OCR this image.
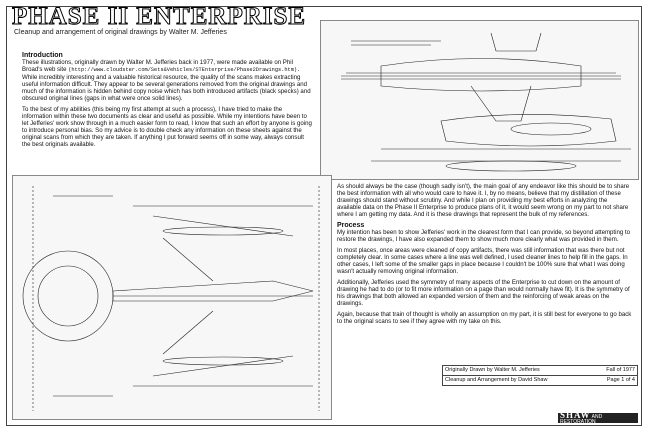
PHASE II ENTERPRISE
Cleanup and arrangement of original drawings by Walter M. Jefferies
Introduction

These illustrations, originally drawn by Walter M. Jefferies back in 1977, were made available on Phil Broad's web site (http://www.cloudster.com/Sets&Vehicles/STEnterprise/Phase2Drawings.htm). While incredibly interesting and a valuable historical resource, the quality of the scans makes extracting useful information difficult. They appear to be several generations removed from the original drawings and much of the information is hidden behind copy noise which has both introduced artifacts (black specks) and obscured original lines (gaps in what were once solid lines).

To the best of my abilities (this being my first attempt at such a process), I have tried to make the information within these two documents as clear and useful as possible. While my intentions have been to let Jefferies' work show through in a much easier form to read, I know that such an effort by anyone is going to introduce personal bias. So my advice is to double check any information on these sheets against the original scans from which they are taken. If anything I put forward seems off in some way, always consult the best originals available.

As should always be the case (though sadly isn't), the main goal of any endeavor like this should be to share the best information with all who would care to have it. I, by no means, believe that my distillation of these drawings should stand without scrutiny. And while I plan on providing my best efforts in analyzing the available data on the Phase II Enterprise to produce plans of it, it would seem wrong on my part to not share where I am getting my data. And it is these drawings that represent the bulk of my references.

Process

My intention has been to show Jefferies' work in the clearest form that I can provide, so beyond attempting to restore the drawings, I have also expanded them to show much more clearly what was provided in them.

In most places, once areas were cleaned of copy artifacts, there was still information that was there but not completely clear. In some cases where a line was well defined, I used cleaner lines to help fill in the gaps. In other cases, I left some of the smaller gaps in place because I couldn't be 100% sure that what I was doing wasn't actually removing original information.

Additionally, Jefferies used the symmetry of many aspects of the Enterprise to cut down on the amount of drawing he had to do (or to fit more information on a page than would normally have fit). It is the symmetry of his drawings that both allowed an expanded version of them and the reinforcing of weak areas on the drawings.

Again, because that train of thought is wholly an assumption on my part, it is still best for everyone to go back to the original scans to see if they agree with my take on this.

Originally Drawn by Walter M. Jefferies	Fall of 1977
Cleanup and Arrangement by David Shaw	Page 1 of 4
SHAW AND RESTORATION
